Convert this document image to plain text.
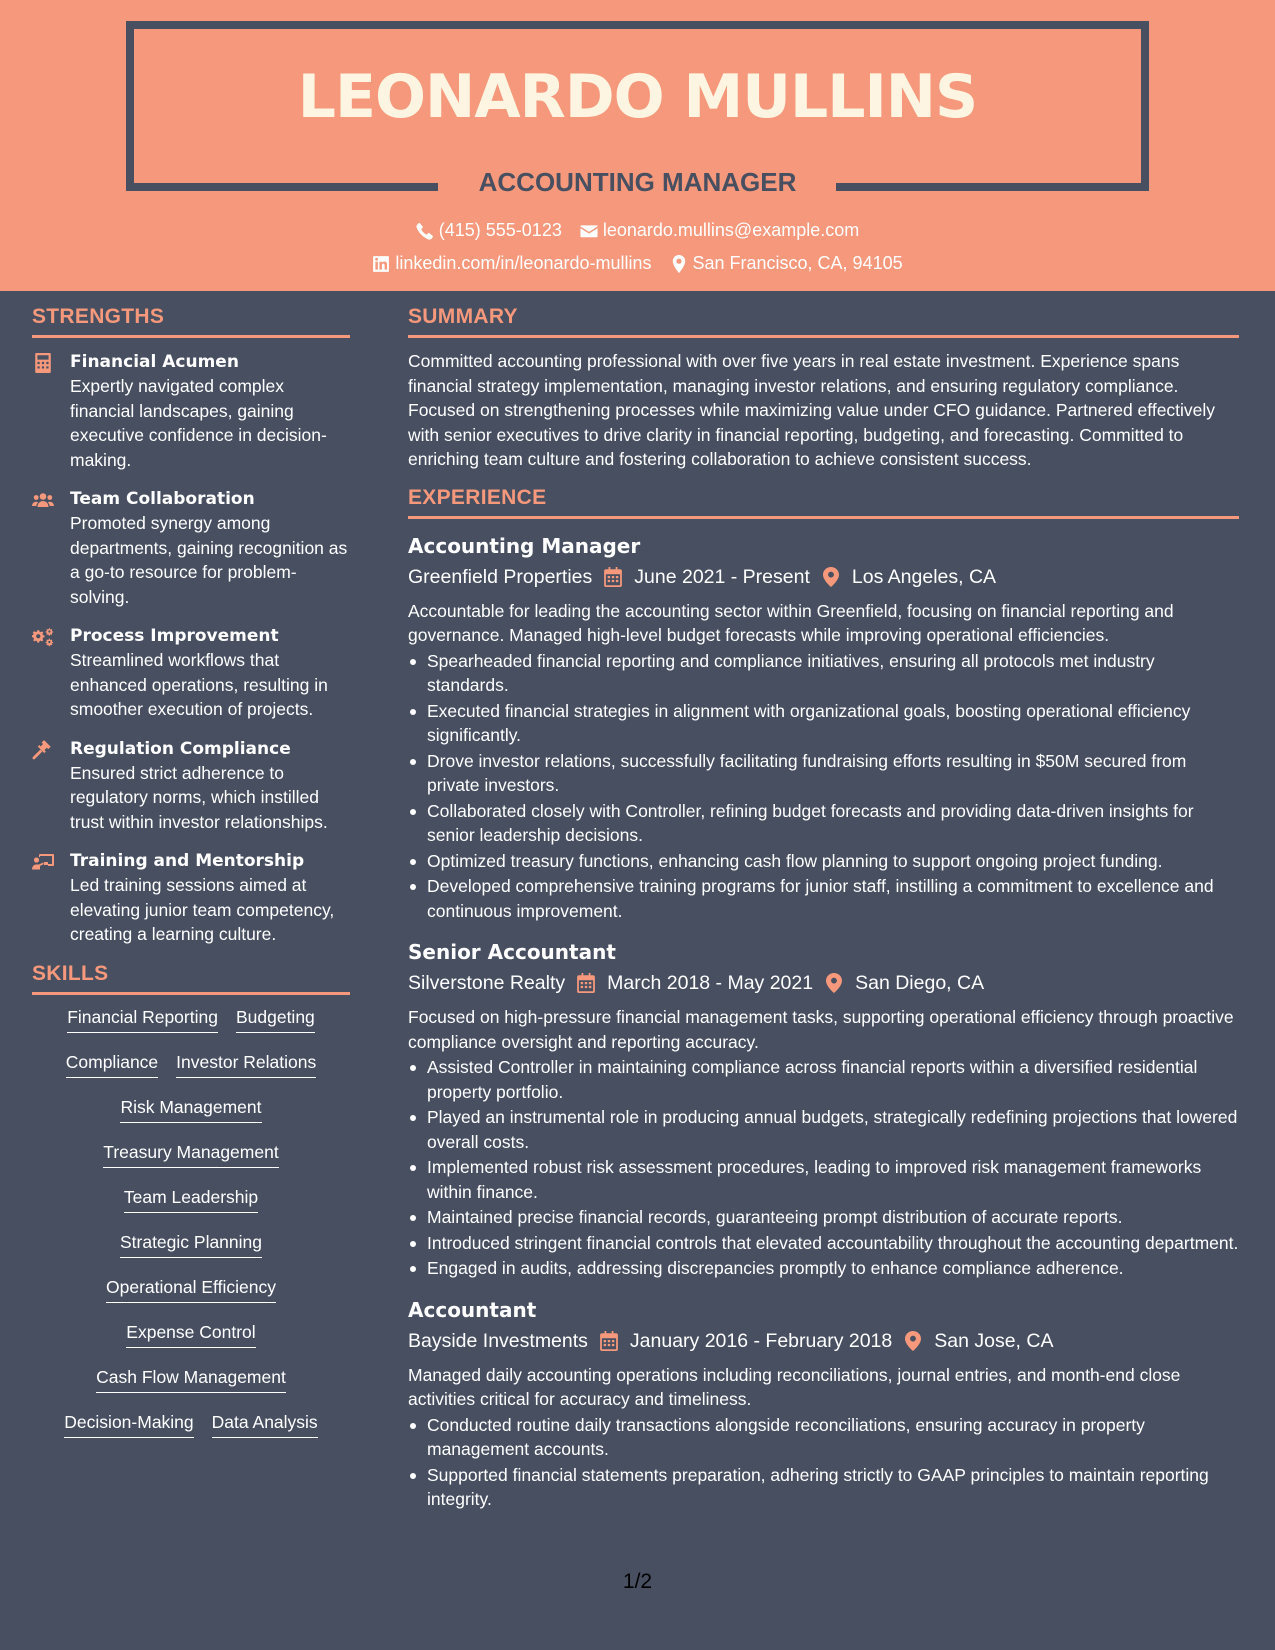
LEONARDO MULLINS
ACCOUNTING MANAGER
(415) 555-0123 leonardo.mullins@example.com
linkedin.com/in/leonardo-mullins San Francisco, CA, 94105
STRENGTHS
Financial Acumen
Expertly navigated complex financial landscapes, gaining executive confidence in decision-making.
Team Collaboration
Promoted synergy among departments, gaining recognition as a go-to resource for problem-solving.
Process Improvement
Streamlined workflows that enhanced operations, resulting in smoother execution of projects.
Regulation Compliance
Ensured strict adherence to regulatory norms, which instilled trust within investor relationships.
Training and Mentorship
Led training sessions aimed at elevating junior team competency, creating a learning culture.
SKILLS
Financial Reporting Budgeting
Compliance Investor Relations
Risk Management
Treasury Management
Team Leadership
Strategic Planning
Operational Efficiency
Expense Control
Cash Flow Management
Decision-Making Data Analysis
SUMMARY
Committed accounting professional with over five years in real estate investment. Experience spans financial strategy implementation, managing investor relations, and ensuring regulatory compliance. Focused on strengthening processes while maximizing value under CFO guidance. Partnered effectively with senior executives to drive clarity in financial reporting, budgeting, and forecasting. Committed to enriching team culture and fostering collaboration to achieve consistent success.
EXPERIENCE
Accounting Manager
Greenfield Properties June 2021 - Present Los Angeles, CA
Accountable for leading the accounting sector within Greenfield, focusing on financial reporting and governance. Managed high-level budget forecasts while improving operational efficiencies.
Spearheaded financial reporting and compliance initiatives, ensuring all protocols met industry standards.
Executed financial strategies in alignment with organizational goals, boosting operational efficiency significantly.
Drove investor relations, successfully facilitating fundraising efforts resulting in $50M secured from private investors.
Collaborated closely with Controller, refining budget forecasts and providing data-driven insights for senior leadership decisions.
Optimized treasury functions, enhancing cash flow planning to support ongoing project funding.
Developed comprehensive training programs for junior staff, instilling a commitment to excellence and continuous improvement.
Senior Accountant
Silverstone Realty March 2018 - May 2021 San Diego, CA
Focused on high-pressure financial management tasks, supporting operational efficiency through proactive compliance oversight and reporting accuracy.
Assisted Controller in maintaining compliance across financial reports within a diversified residential property portfolio.
Played an instrumental role in producing annual budgets, strategically redefining projections that lowered overall costs.
Implemented robust risk assessment procedures, leading to improved risk management frameworks within finance.
Maintained precise financial records, guaranteeing prompt distribution of accurate reports.
Introduced stringent financial controls that elevated accountability throughout the accounting department.
Engaged in audits, addressing discrepancies promptly to enhance compliance adherence.
Accountant
Bayside Investments January 2016 - February 2018 San Jose, CA
Managed daily accounting operations including reconciliations, journal entries, and month-end close activities critical for accuracy and timeliness.
Conducted routine daily transactions alongside reconciliations, ensuring accuracy in property management accounts.
Supported financial statements preparation, adhering strictly to GAAP principles to maintain reporting integrity.
1/2
